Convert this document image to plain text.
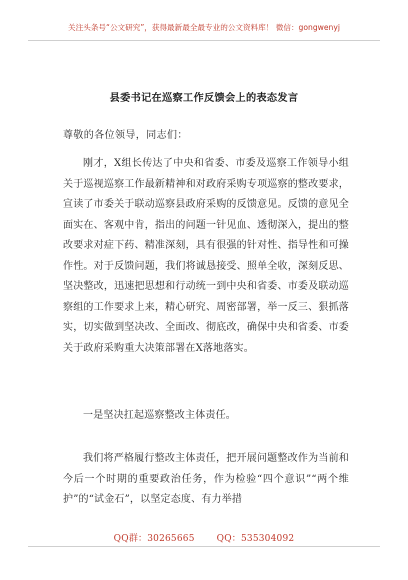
关注头条号“公文研究”，获得最新最全最专业的公文资料库！ 微信：gongwenyj
县委书记在巡察工作反馈会上的表态发言
尊敬的各位领导，同志们：

刚才，X组长传达了中央和省委、市委及巡察工作领导小组关于巡视巡察工作最新精神和对政府采购专项巡察的整改要求，宣读了市委关于联动巡察县政府采购的反馈意见。反馈的意见全面实在、客观中肯，指出的问题一针见血、透彻深入，提出的整改要求对症下药、精准深刻，具有很强的针对性、指导性和可操作性。对于反馈问题，我们将诚恳接受、照单全收，深刻反思、坚决整改，迅速把思想和行动统一到中央和省委、市委及联动巡察组的工作要求上来，精心研究、周密部署，举一反三、狠抓落实，切实做到坚决改、全面改、彻底改，确保中央和省委、市委关于政府采购重大决策部署在X落地落实。

一是坚决扛起巡察整改主体责任。

我们将严格履行整改主体责任，把开展问题整改作为当前和今后一个时期的重要政治任务，作为检验“四个意识”“两个维护”的“试金石”，以坚定态度、有力举措

QQ群：30265665 QQ：535304092
